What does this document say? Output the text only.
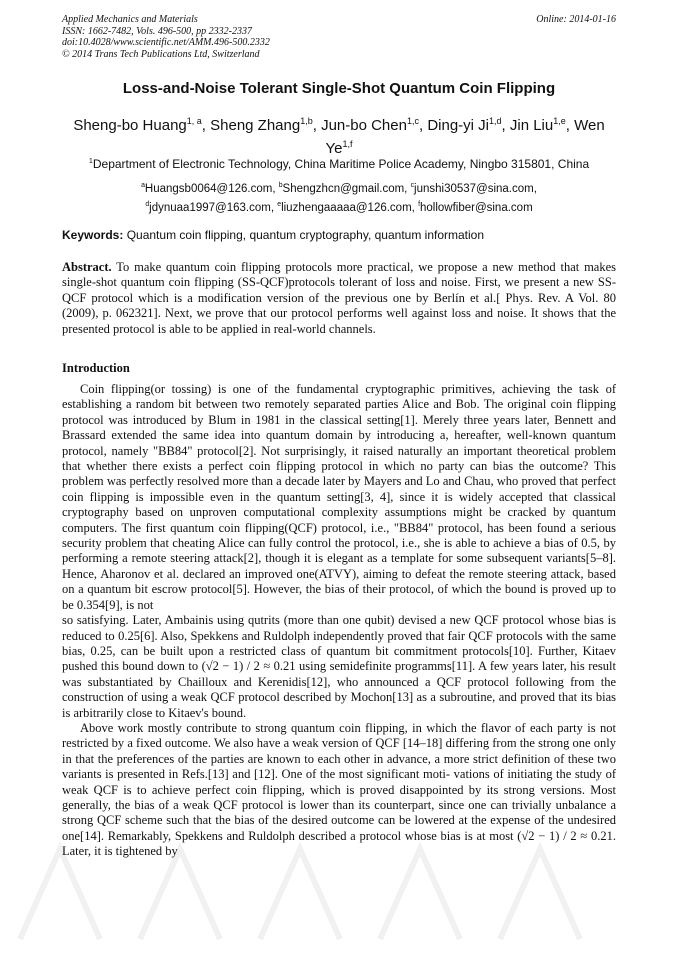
Applied Mechanics and Materials
ISSN: 1662-7482, Vols. 496-500, pp 2332-2337
doi:10.4028/www.scientific.net/AMM.496-500.2332
© 2014 Trans Tech Publications Ltd, Switzerland
Online: 2014-01-16
Loss-and-Noise Tolerant Single-Shot Quantum Coin Flipping
Sheng-bo Huang$^{1, a}$, Sheng Zhang$^{1,b}$, Jun-bo Chen$^{1,c}$, Ding-yi Ji$^{1,d}$, Jin Liu$^{1,e}$, Wen Ye$^{1,f}$
$^1$Department of Electronic Technology, China Maritime Police Academy, Ningbo 315801, China
$^a$Huangsb0064@126.com, $^b$Shengzhcn@gmail.com, $^c$junshi30537@sina.com,
$^d$jdynuaa1997@163.com, $^e$liuzhengaaaaa@126.com, $^f$hollowfiber@sina.com
Keywords: Quantum coin flipping, quantum cryptography, quantum information
Abstract. To make quantum coin flipping protocols more practical, we propose a new method that makes single-shot quantum coin flipping (SS-QCF)protocols tolerant of loss and noise. First, we present a new SS-QCF protocol which is a modification version of the previous one by Berlín et al.[ Phys. Rev. A Vol. 80 (2009), p. 062321]. Next, we prove that our protocol performs well against loss and noise. It shows that the presented protocol is able to be applied in real-world channels.
Introduction

Coin flipping(or tossing) is one of the fundamental cryptographic primitives, achieving the task of establishing a random bit between two remotely separated parties Alice and Bob. The original coin flipping protocol was introduced by Blum in 1981 in the classical setting[1]. Merely three years later, Bennett and Brassard extended the same idea into quantum domain by introducing a, hereafter, well-known quantum protocol, namely "BB84" protocol[2]. Not surprisingly, it raised naturally an important theoretical problem that whether there exists a perfect coin flipping protocol in which no party can bias the outcome? This problem was perfectly resolved more than a decade later by Mayers and Lo and Chau, who proved that perfect coin flipping is impossible even in the quantum setting[3, 4], since it is widely accepted that classical cryptography based on unproven computational complexity assumptions might be cracked by quantum computers. The first quantum coin flipping(QCF) protocol, i.e., "BB84" protocol, has been found a serious security problem that cheating Alice can fully control the protocol, i.e., she is able to achieve a bias of 0.5, by performing a remote steering attack[2], though it is elegant as a template for some subsequent variants[5–8]. Hence, Aharonov et al. declared an improved one(ATVY), aiming to defeat the remote steering attack, based on a quantum bit escrow protocol[5]. However, the bias of their protocol, of which the bound is proved up to be 0.354[9], is not

so satisfying. Later, Ambainis using qutrits (more than one qubit) devised a new QCF protocol whose bias is reduced to 0.25[6]. Also, Spekkens and Ruldolph independently proved that fair QCF protocols with the same bias, 0.25, can be built upon a restricted class of quantum bit commitment protocols[10]. Further, Kitaev pushed this bound down to (√2 − 1) / 2 ≈ 0.21 using semidefinite programms[11]. A few years later, his result was substantiated by Chailloux and Kerenidis[12], who announced a QCF protocol following from the construction of using a weak QCF protocol described by Mochon[13] as a subroutine, and proved that its bias is arbitrarily close to Kitaev's bound.

Above work mostly contribute to strong quantum coin flipping, in which the flavor of each party is not restricted by a fixed outcome. We also have a weak version of QCF [14–18] differing from the strong one only in that the preferences of the parties are known to each other in advance, a more strict definition of these two variants is presented in Refs.[13] and [12]. One of the most significant moti- vations of initiating the study of weak QCF is to achieve perfect coin flipping, which is proved disappointed by its strong versions. Most generally, the bias of a weak QCF protocol is lower than its counterpart, since one can trivially unbalance a strong QCF scheme such that the bias of the desired outcome can be lowered at the expense of the undesired one[14]. Remarkably, Spekkens and Ruldolph described a protocol whose bias is at most (√2 − 1) / 2 ≈ 0.21. Later, it is tightened by
